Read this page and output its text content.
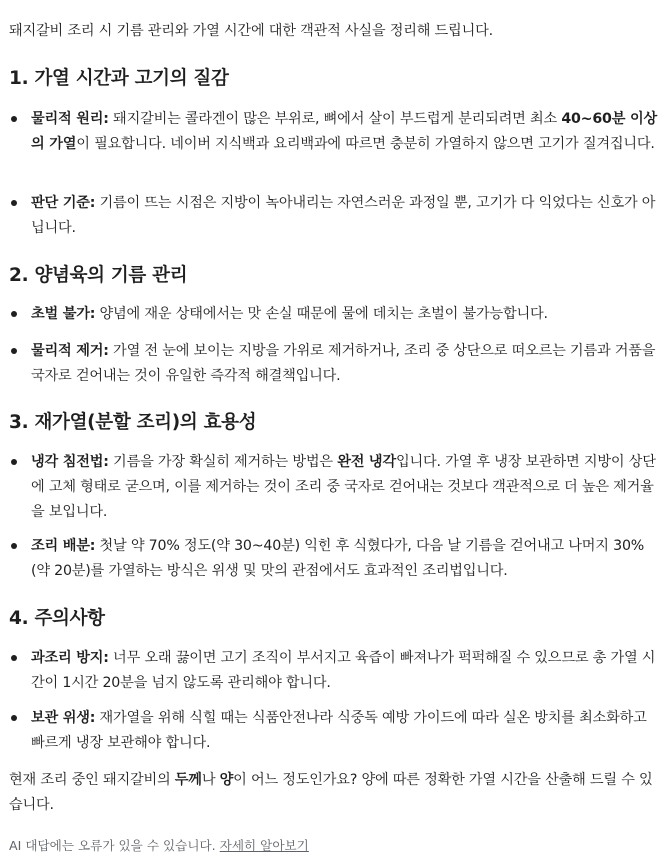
돼지갈비 조리 시 기름 관리와 가열 시간에 대한 객관적 사실을 정리해 드립니다.
1. 가열 시간과 고기의 질감
물리적 원리: 돼지갈비는 콜라겐이 많은 부위로, 뼈에서 살이 부드럽게 분리되려면 최소 40~60분 이상의 가열이 필요합니다. 네이버 지식백과 요리백과에 따르면 충분히 가열하지 않으면 고기가 질겨집니다.
판단 기준: 기름이 뜨는 시점은 지방이 녹아내리는 자연스러운 과정일 뿐, 고기가 다 익었다는 신호가 아닙니다.
2. 양념육의 기름 관리
초벌 불가: 양념에 재운 상태에서는 맛 손실 때문에 물에 데치는 초벌이 불가능합니다.
물리적 제거: 가열 전 눈에 보이는 지방을 가위로 제거하거나, 조리 중 상단으로 떠오르는 기름과 거품을 국자로 걷어내는 것이 유일한 즉각적 해결책입니다.
3. 재가열(분할 조리)의 효용성
냉각 침전법: 기름을 가장 확실히 제거하는 방법은 완전 냉각입니다. 가열 후 냉장 보관하면 지방이 상단에 고체 형태로 굳으며, 이를 제거하는 것이 조리 중 국자로 걷어내는 것보다 객관적으로 더 높은 제거율을 보입니다.
조리 배분: 첫날 약 70% 정도(약 30~40분) 익힌 후 식혔다가, 다음 날 기름을 걷어내고 나머지 30%(약 20분)를 가열하는 방식은 위생 및 맛의 관점에서도 효과적인 조리법입니다.
4. 주의사항
과조리 방지: 너무 오래 끓이면 고기 조직이 부서지고 육즙이 빠져나가 퍽퍽해질 수 있으므로 총 가열 시간이 1시간 20분을 넘지 않도록 관리해야 합니다.
보관 위생: 재가열을 위해 식힐 때는 식품안전나라 식중독 예방 가이드에 따라 실온 방치를 최소화하고 빠르게 냉장 보관해야 합니다.
현재 조리 중인 돼지갈비의 두께나 양이 어느 정도인가요? 양에 따른 정확한 가열 시간을 산출해 드릴 수 있습니다.
AI 대답에는 오류가 있을 수 있습니다. 자세히 알아보기
